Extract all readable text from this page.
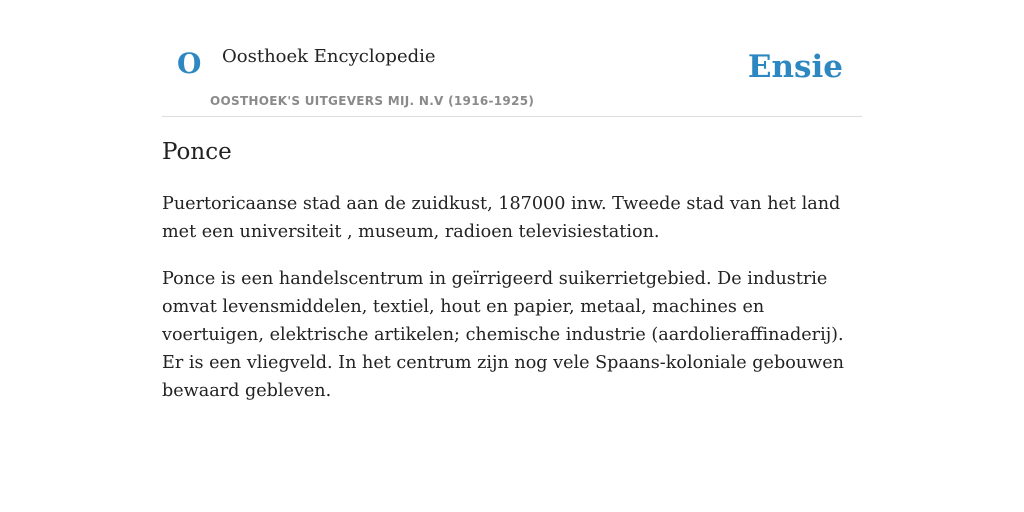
O Oosthoek Encyclopedie
OOSTHOEK'S UITGEVERS MIJ. N.V (1916-1925)
Ensie
Ponce

Puertoricaanse stad aan de zuidkust, 187000 inw. Tweede stad van het land met een universiteit , museum, radioen televisiestation.

Ponce is een handelscentrum in geïrrigeerd suikerrietgebied. De industrie omvat levensmiddelen, textiel, hout en papier, metaal, machines en voertuigen, elektrische artikelen; chemische industrie (aardolieraffinaderij). Er is een vliegveld. In het centrum zijn nog vele Spaans-koloniale gebouwen bewaard gebleven.
